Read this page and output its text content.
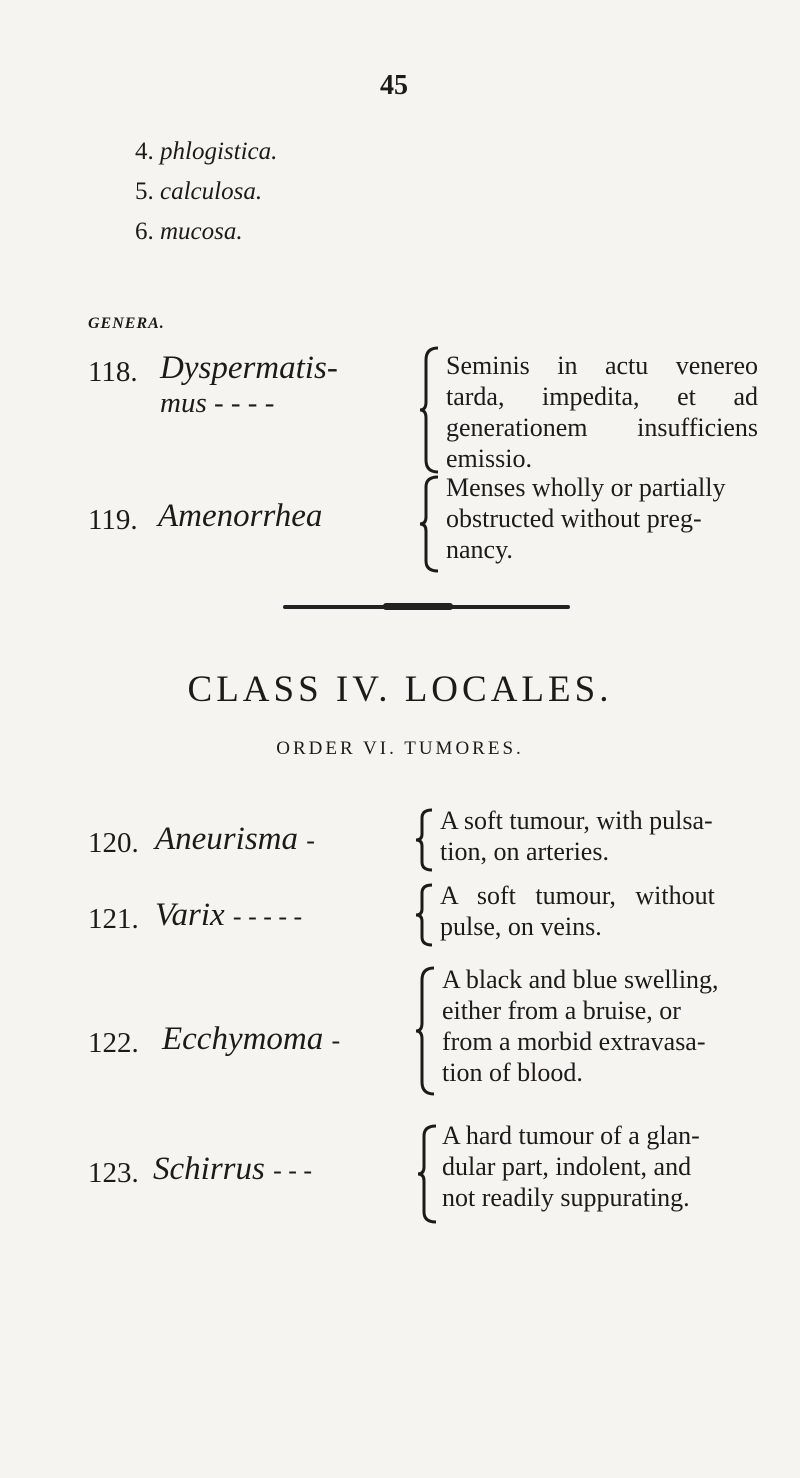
45
4. phlogistica.
5. calculosa.
6. mucosa.
GENERA.
118. Dyspermatis-
mus - - - -
Seminis in actu venereo
tarda, impedita, et ad
generationem insufficiens
emissio.
119. Amenorrhea
Menses wholly or partially
obstructed without preg-
nancy.
CLASS IV. LOCALES.
ORDER VI. TUMORES.
120. Aneurisma -
A soft tumour, with pulsa-
tion, on arteries.
121. Varix - - - - -
A   soft   tumour,   without
pulse, on veins.
122. Ecchymoma -
A black and blue swelling,
either from a bruise, or
from a morbid extravasa-
tion of blood.
123. Schirrus - - -
A hard tumour of a glan-
dular part, indolent, and
not readily suppurating.
